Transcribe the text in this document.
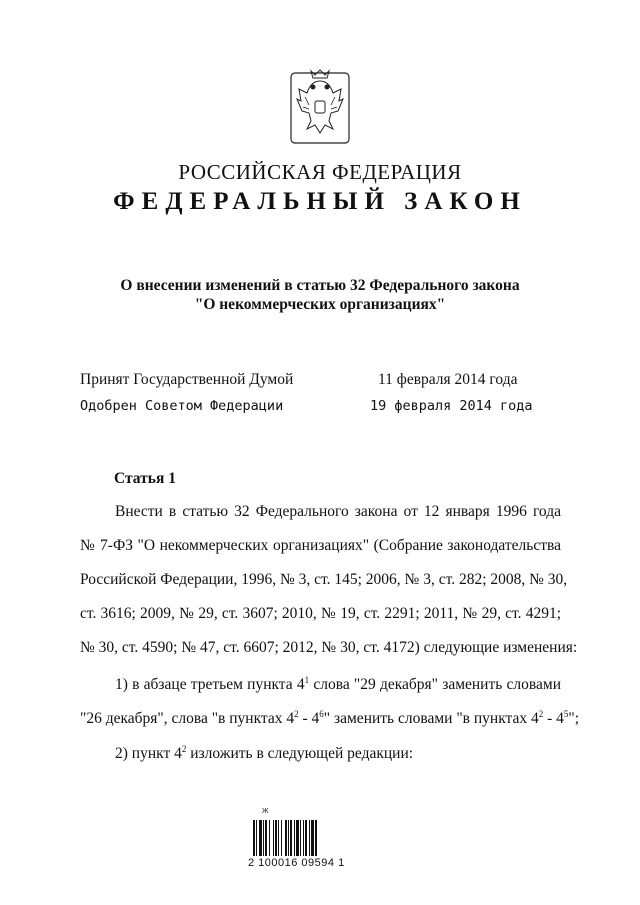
РОССИЙСКАЯ ФЕДЕРАЦИЯ
ФЕДЕРАЛЬНЫЙ ЗАКОН
О внесении изменений в статью 32 Федерального закона
"О некоммерческих организациях"
Принят Государственной Думой	11 февраля 2014 года
Одобрен Советом Федерации	19 февраля 2014 года
Статья 1
Внести в статью 32 Федерального закона от 12 января 1996 года
№ 7-ФЗ "О некоммерческих организациях" (Собрание законодательства
Российской Федерации, 1996, № 3, ст. 145; 2006, № 3, ст. 282; 2008, № 30,
ст. 3616; 2009, № 29, ст. 3607; 2010, № 19, ст. 2291; 2011, № 29, ст. 4291;
№ 30, ст. 4590; № 47, ст. 6607; 2012, № 30, ст. 4172) следующие изменения:
1) в абзаце третьем пункта $4^1$ слова "29 декабря" заменить словами
"26 декабря", слова "в пунктах $4^2 - 4^6$" заменить словами "в пунктах $4^2 - 4^5$";
2) пункт $4^2$ изложить в следующей редакции:
Ж
2 100016 09594 1
